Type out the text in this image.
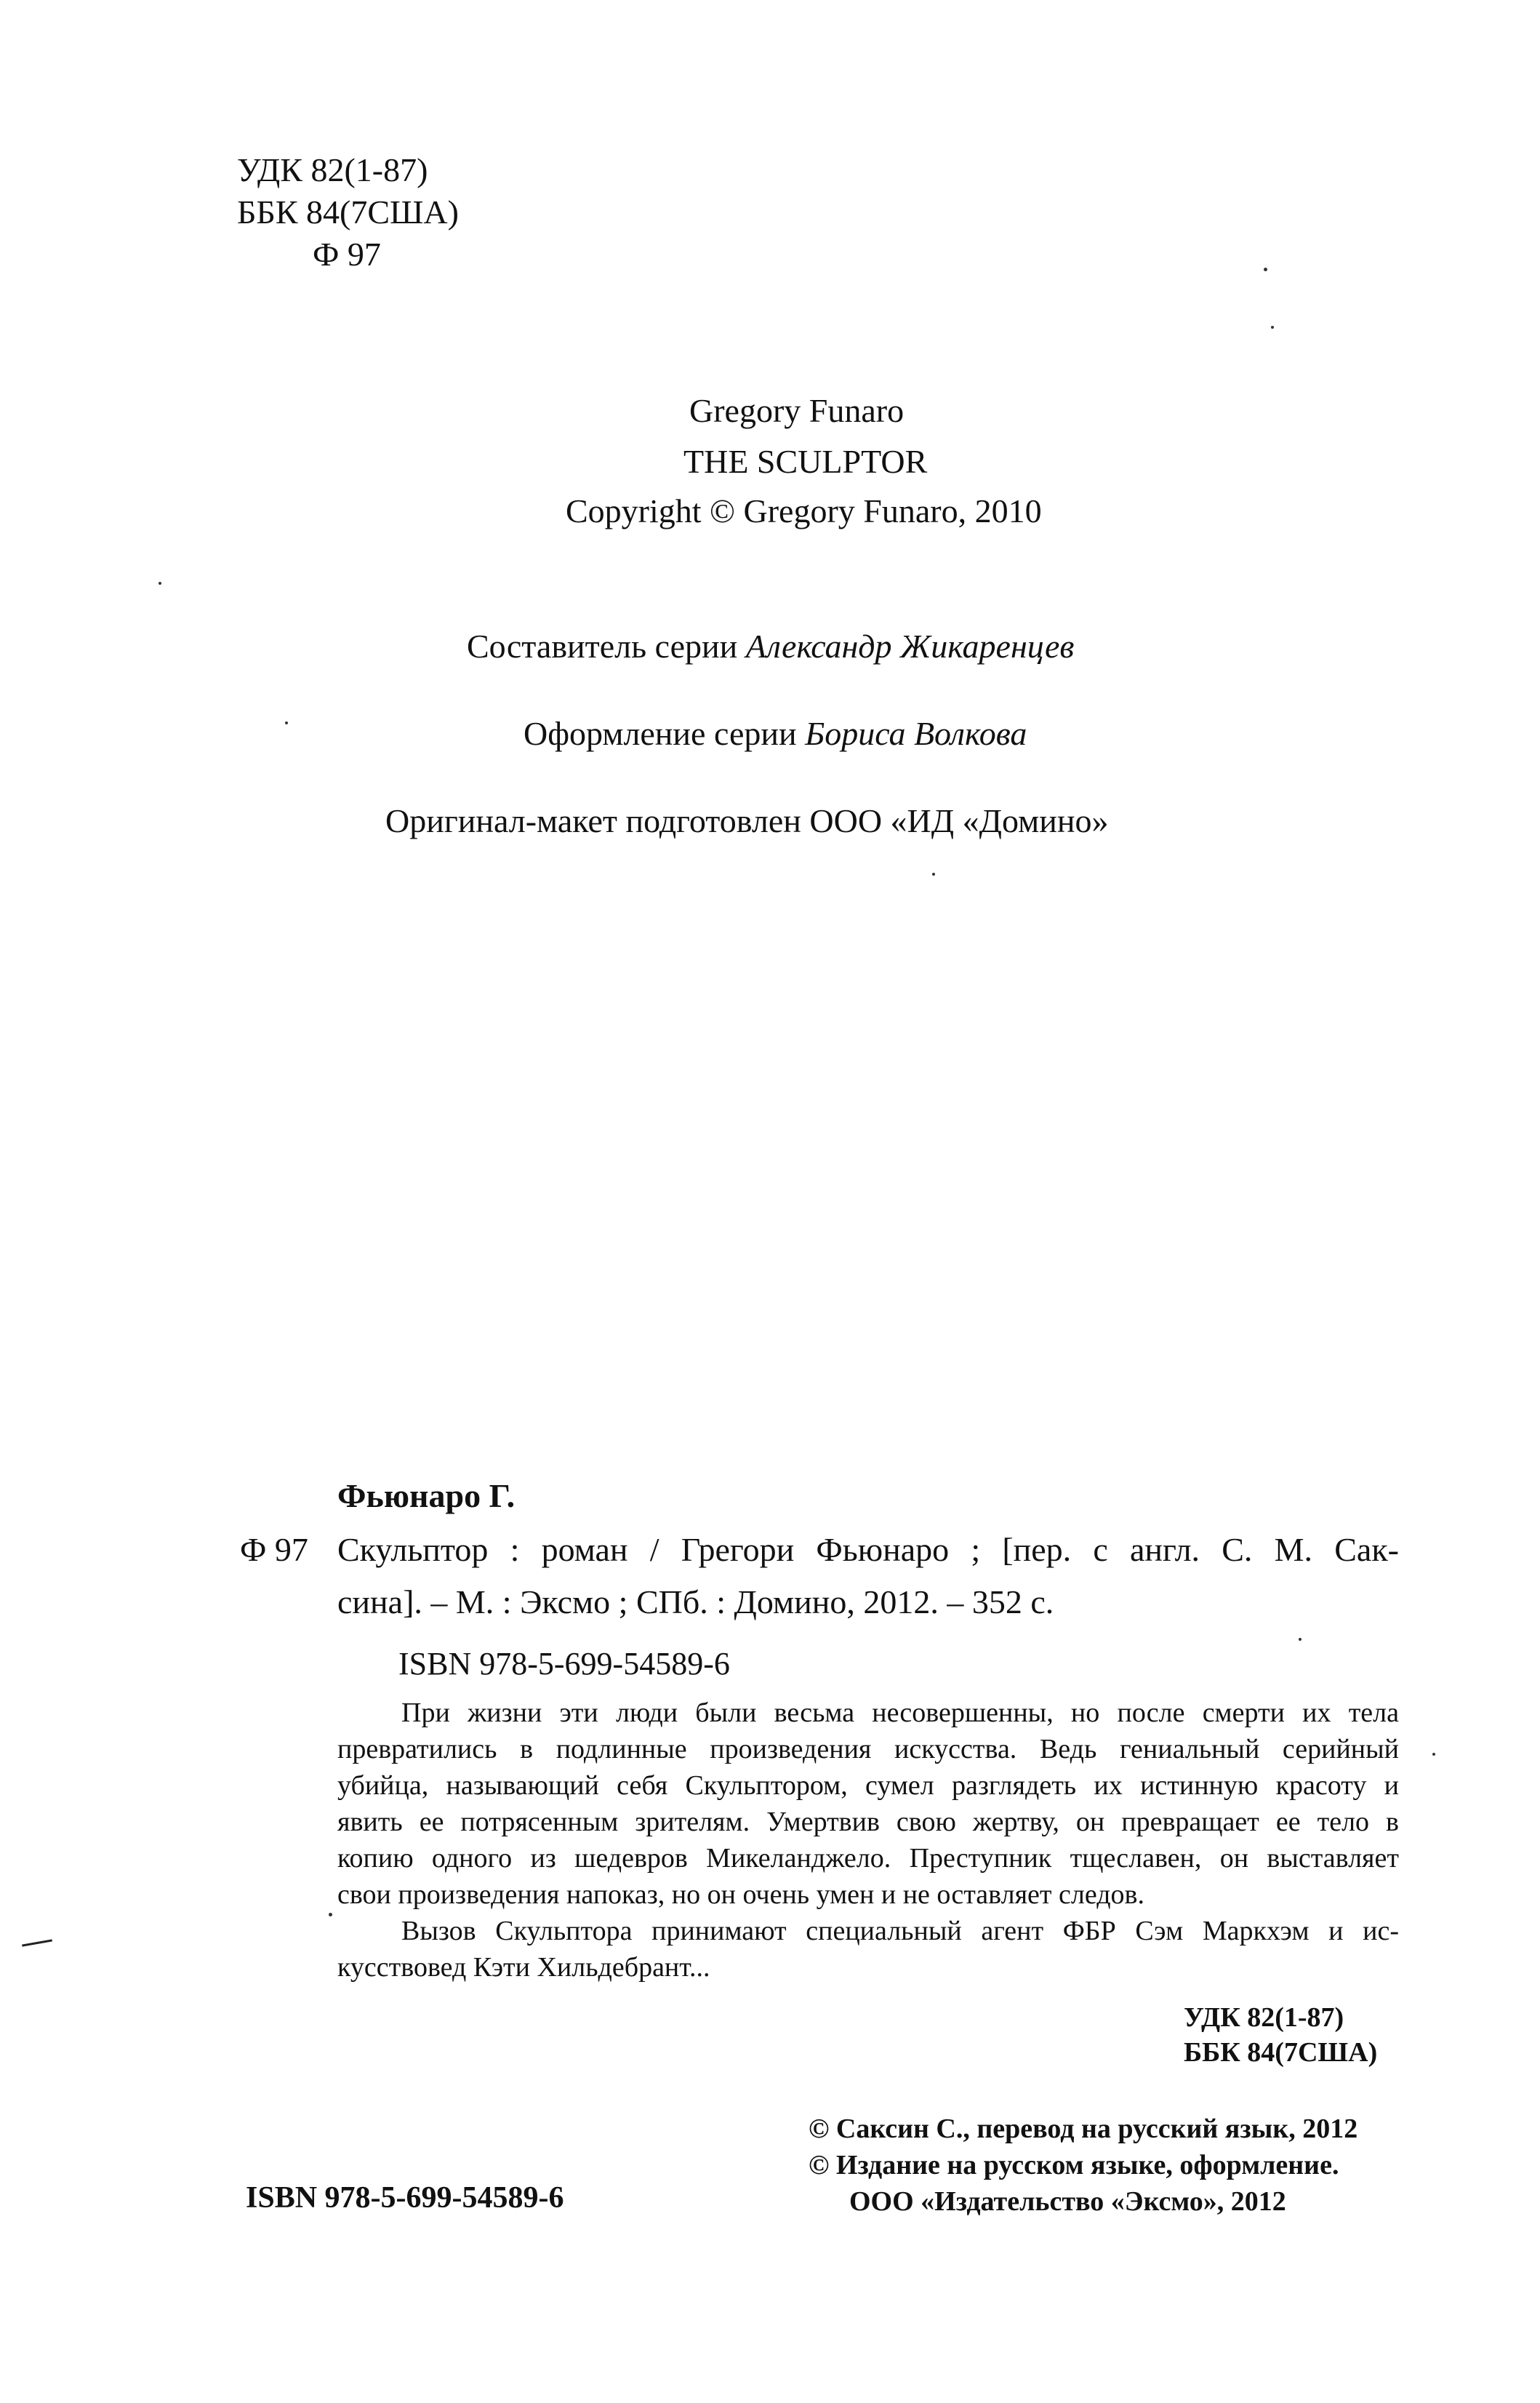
УДК 82(1-87)
ББК 84(7США)
Ф 97
Gregory Funaro
THE SCULPTOR
Copyright © Gregory Funaro, 2010
Составитель серии Александр Жикаренцев
Оформление серии Бориса Волкова
Оригинал-макет подготовлен ООО «ИД «Домино»
Фьюнаро Г.
Ф 97 Скульптор : роман / Грегори Фьюнаро ; [пер. с англ. С. М. Сак-
сина]. – М. : Эксмо ; СПб. : Домино, 2012. – 352 с.
ISBN 978-5-699-54589-6
При жизни эти люди были весьма несовершенны, но после смерти их тела
превратились в подлинные произведения искусства. Ведь гениальный серийный
убийца, называющий себя Скульптором, сумел разглядеть их истинную красоту и
явить ее потрясенным зрителям. Умертвив свою жертву, он превращает ее тело в
копию одного из шедевров Микеланджело. Преступник тщеславен, он выставляет
свои произведения напоказ, но он очень умен и не оставляет следов.
Вызов Скульптора принимают специальный агент ФБР Сэм Маркхэм и ис-
кусствовед Кэти Хильдебрант...
УДК 82(1-87)
ББК 84(7США)
© Саксин С., перевод на русский язык, 2012
© Издание на русском языке, оформление.
ООО «Издательство «Эксмо», 2012
ISBN 978-5-699-54589-6
